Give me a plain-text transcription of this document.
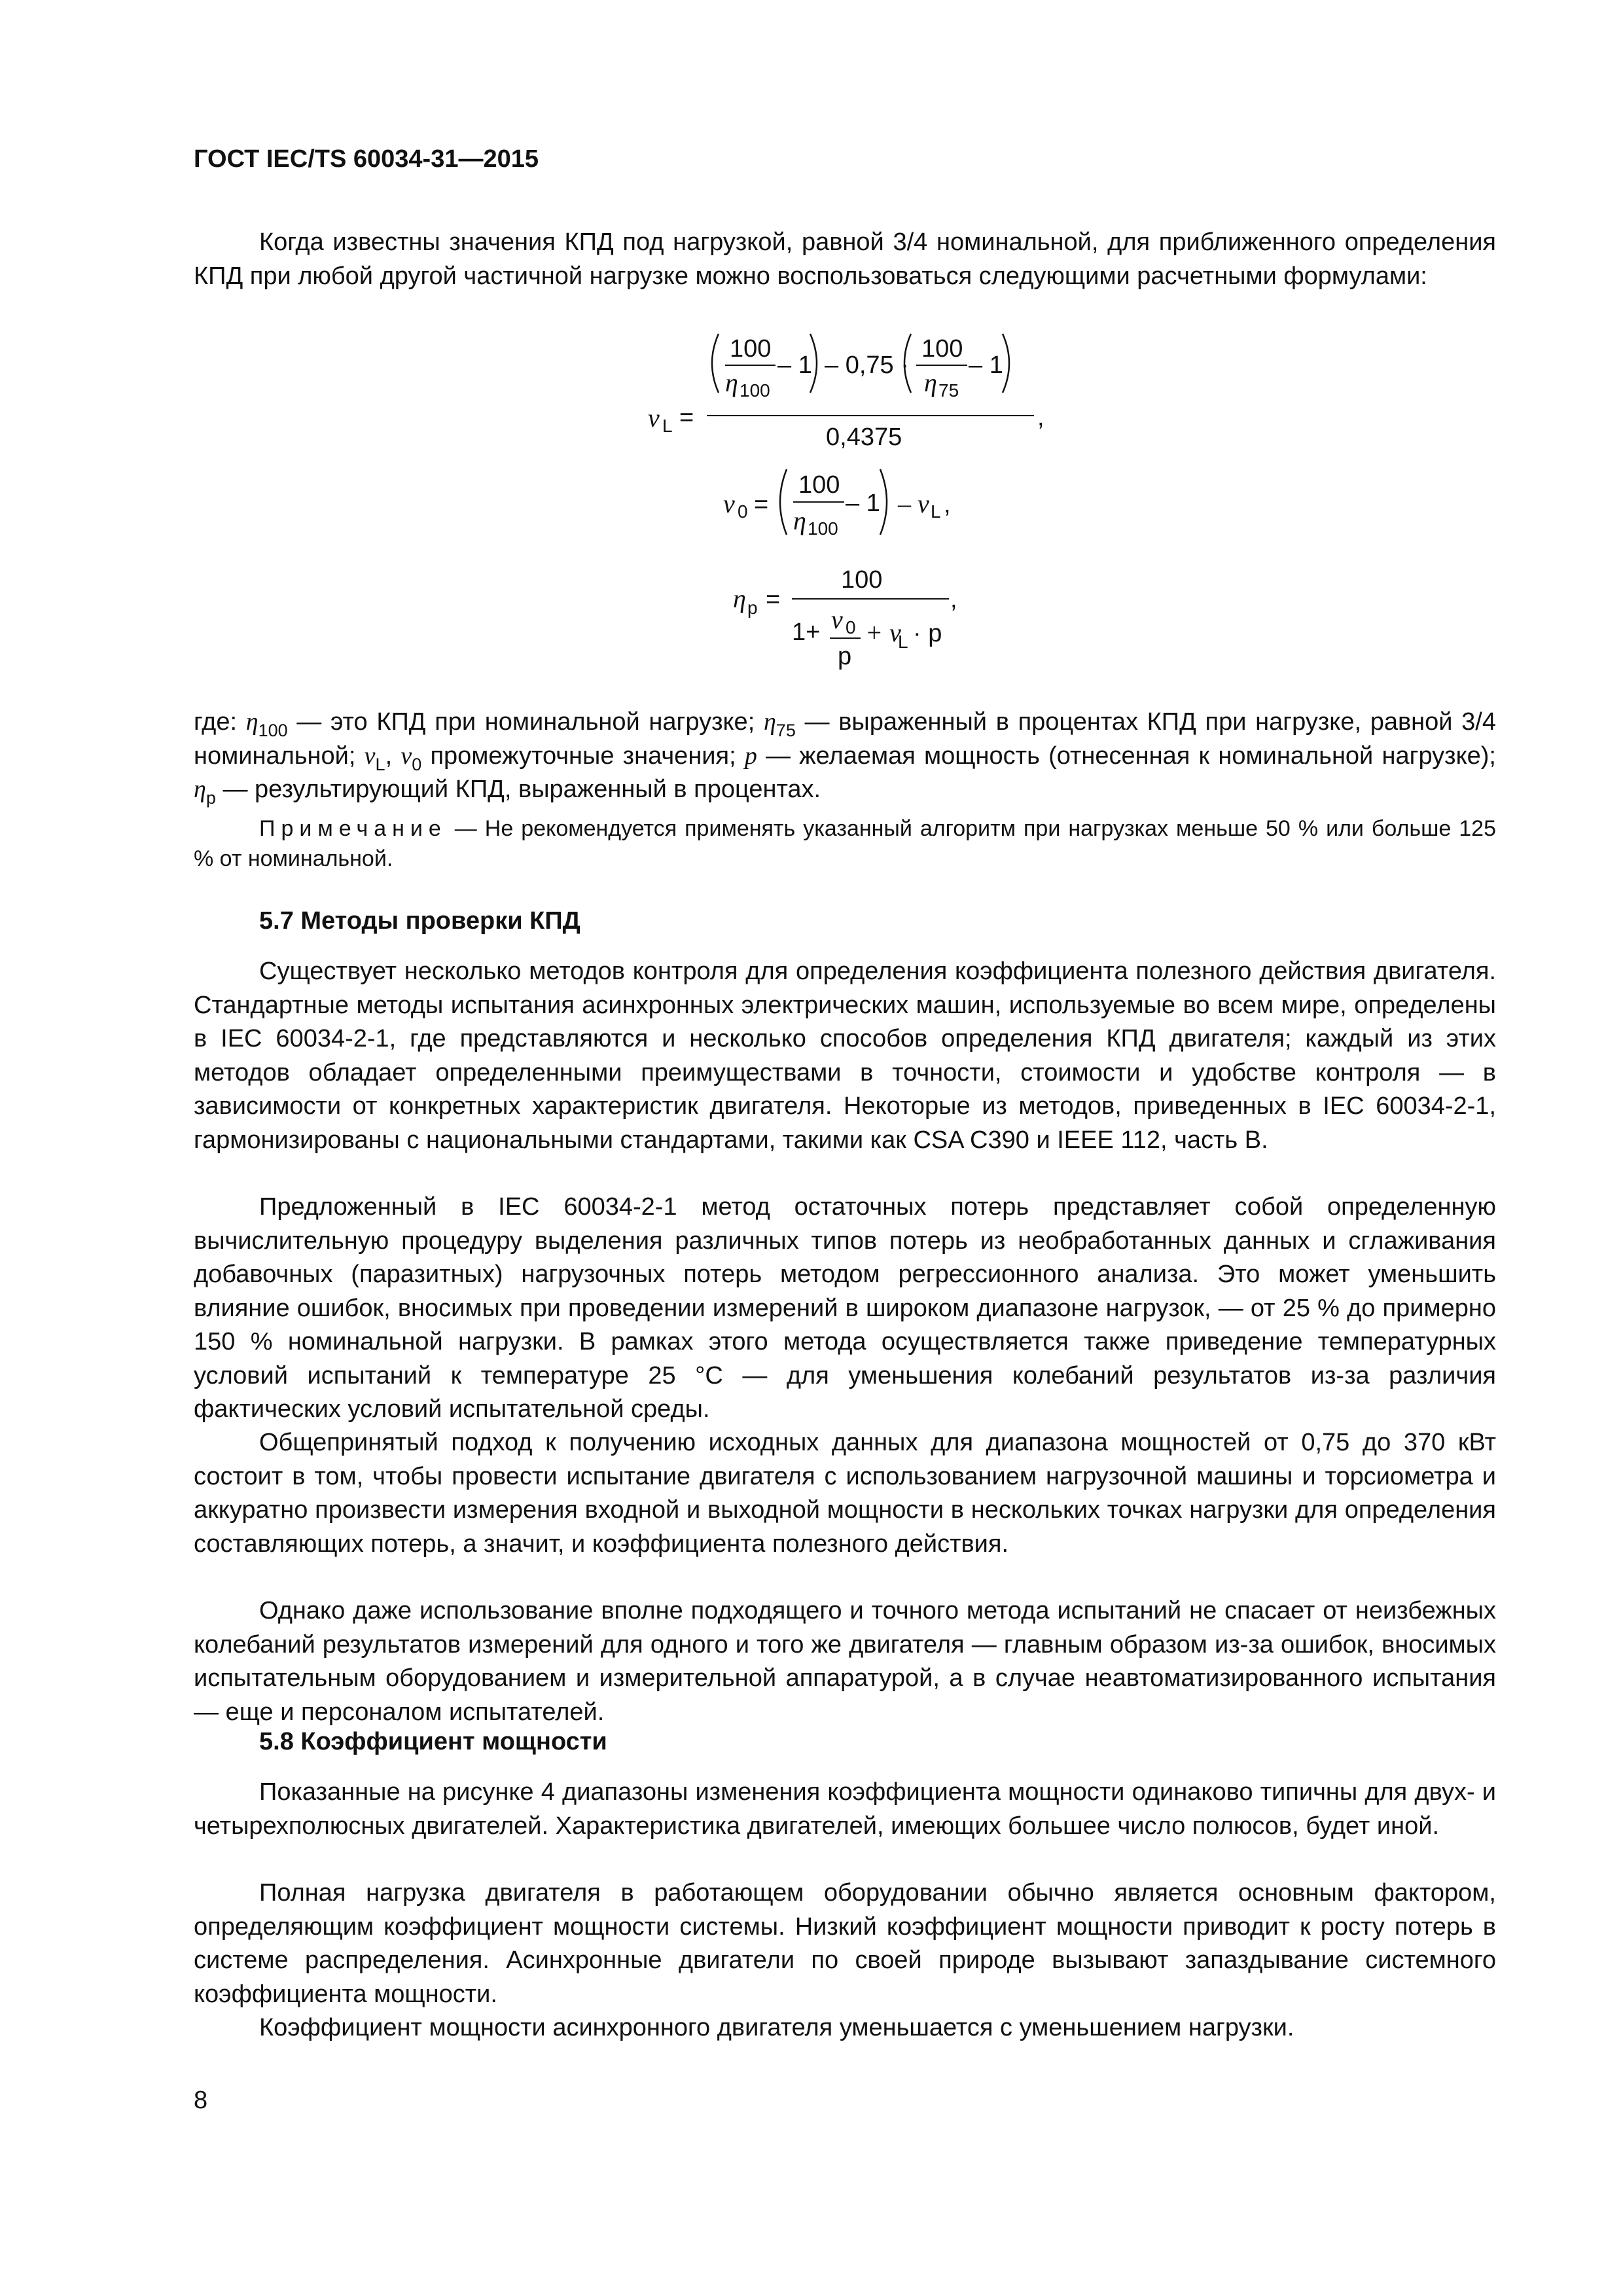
ГОСТ IEC/TS 60034-31—2015

Когда известны значения КПД под нагрузкой, равной 3/4 номинальной, для приближенного определения КПД при любой другой частичной нагрузке можно воспользоваться следующими расчетными формулами:

v L =
100
η 100
– 1 – 0,75 ·
100
η 75
– 1
0,4375
,
v 0 =
100
η 100
– 1 – v L ,
η p =
100
1+ v 0
p
+ v
L · p
,

где: $\eta_{100}$ — это КПД при номинальной нагрузке; $\eta_{75}$ — выраженный в процентах КПД при нагрузке, равной 3/4 номинальной; $v_L$, $v_0$ промежуточные значения; p — желаемая мощность (отнесенная к номинальной нагрузке); $\eta_p$ — результирующий КПД, выраженный в процентах.

Примечание — Не рекомендуется применять указанный алгоритм при нагрузках меньше 50 % или больше 125 % от номинальной.

5.7 Методы проверки КПД

Существует несколько методов контроля для определения коэффициента полезного действия двигателя. Стандартные методы испытания асинхронных электрических машин, используемые во всем мире, определены в IEC 60034-2-1, где представляются и несколько способов определения КПД двигателя; каждый из этих методов обладает определенными преимуществами в точности, стоимости и удобстве контроля — в зависимости от конкретных характеристик двигателя. Некоторые из методов, приведенных в IEC 60034-2-1, гармонизированы с национальными стандартами, такими как CSA C390 и IEEE 112, часть В.

Предложенный в IEC 60034-2-1 метод остаточных потерь представляет собой определенную вычислительную процедуру выделения различных типов потерь из необработанных данных и сглаживания добавочных (паразитных) нагрузочных потерь методом регрессионного анализа. Это может уменьшить влияние ошибок, вносимых при проведении измерений в широком диапазоне нагрузок, — от 25 % до примерно 150 % номинальной нагрузки. В рамках этого метода осуществляется также приведение температурных условий испытаний к температуре 25 °С — для уменьшения колебаний результатов из-за различия фактических условий испытательной среды.

Общепринятый подход к получению исходных данных для диапазона мощностей от 0,75 до 370 кВт состоит в том, чтобы провести испытание двигателя с использованием нагрузочной машины и торсиометра и аккуратно произвести измерения входной и выходной мощности в нескольких точках нагрузки для определения составляющих потерь, а значит, и коэффициента полезного действия.

Однако даже использование вполне подходящего и точного метода испытаний не спасает от неизбежных колебаний результатов измерений для одного и того же двигателя — главным образом из-за ошибок, вносимых испытательным оборудованием и измерительной аппаратурой, а в случае неавтоматизированного испытания — еще и персоналом испытателей.

5.8 Коэффициент мощности

Показанные на рисунке 4 диапазоны изменения коэффициента мощности одинаково типичны для двух- и четырехполюсных двигателей. Характеристика двигателей, имеющих большее число полюсов, будет иной.

Полная нагрузка двигателя в работающем оборудовании обычно является основным фактором, определяющим коэффициент мощности системы. Низкий коэффициент мощности приводит к росту потерь в системе распределения. Асинхронные двигатели по своей природе вызывают запаздывание системного коэффициента мощности.

Коэффициент мощности асинхронного двигателя уменьшается с уменьшением нагрузки.

8
